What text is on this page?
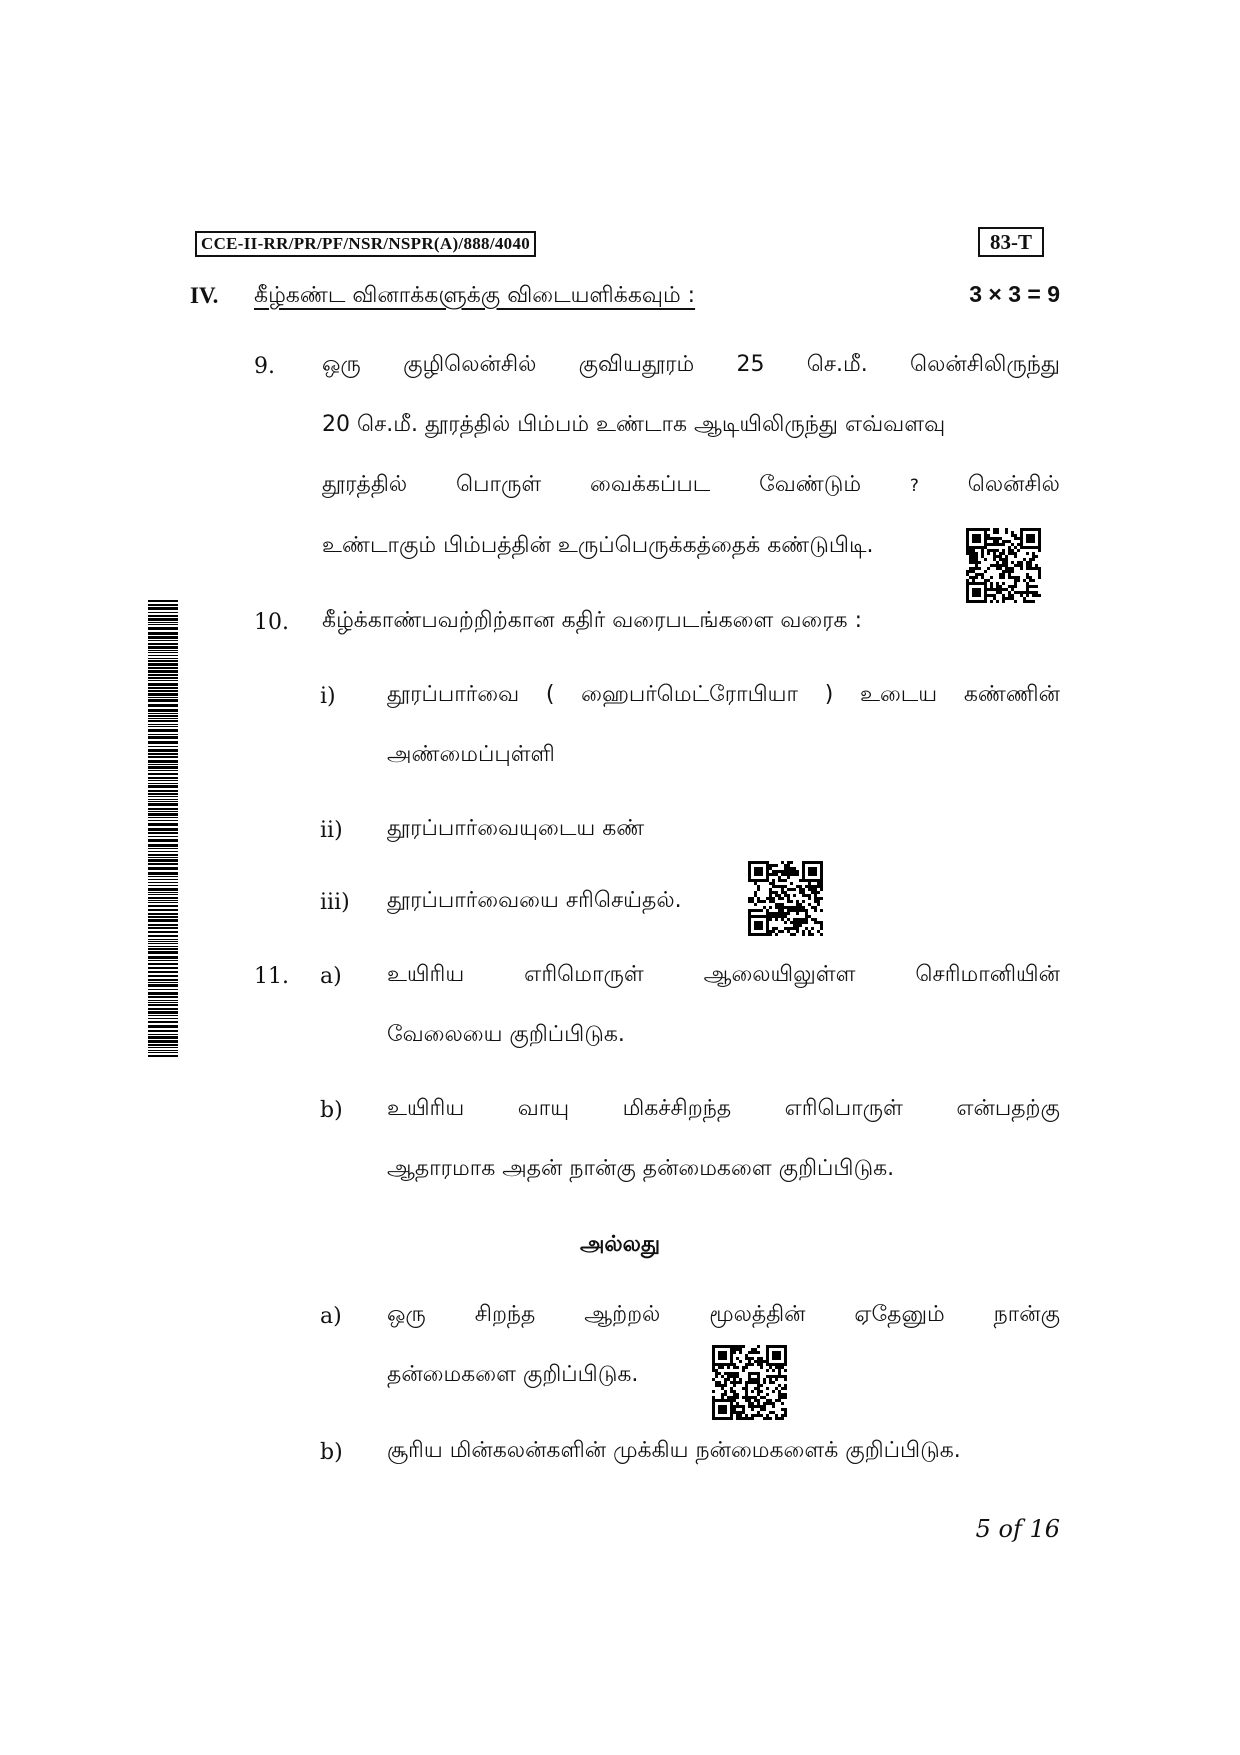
CCE-II-RR/PR/PF/NSR/NSPR(A)/888/4040	83-T
IV. கீழ்கண்ட வினாக்களுக்கு விடையளிக்கவும் :	3 × 3 = 9
9. ஒரு குழிலென்சில் குவியதூரம் 25 செ.மீ. லென்சிலிருந்து
20 செ.மீ. தூரத்தில் பிம்பம் உண்டாக ஆடியிலிருந்து எவ்வளவு
தூரத்தில் பொருள் வைக்கப்பட வேண்டும்	? லென்சில்
உண்டாகும் பிம்பத்தின் உருப்பெருக்கத்தைக் கண்டுபிடி.
10. கீழ்க்காண்பவற்றிற்கான கதிர் வரைபடங்களை வரைக :
i) தூரப்பார்வை ( ஹைபர்மெட்ரோபியா ) உடைய கண்ணின்
அண்மைப்புள்ளி
ii) தூரப்பார்வையுடைய கண்
iii) தூரப்பார்வையை சரிசெய்தல்.
11. a) உயிரிய	எரிமொருள்	ஆலையிலுள்ள	செரிமானியின்
வேலையை குறிப்பிடுக.
b) உயிரிய வாயு மிகச்சிறந்த எரிபொருள் என்பதற்கு
ஆதாரமாக அதன் நான்கு தன்மைகளை குறிப்பிடுக.
அல்லது
a) ஒரு சிறந்த ஆற்றல் மூலத்தின் ஏதேனும் நான்கு
தன்மைகளை குறிப்பிடுக.
b) சூரிய மின்கலன்களின் முக்கிய நன்மைகளைக் குறிப்பிடுக.
5 of 16
